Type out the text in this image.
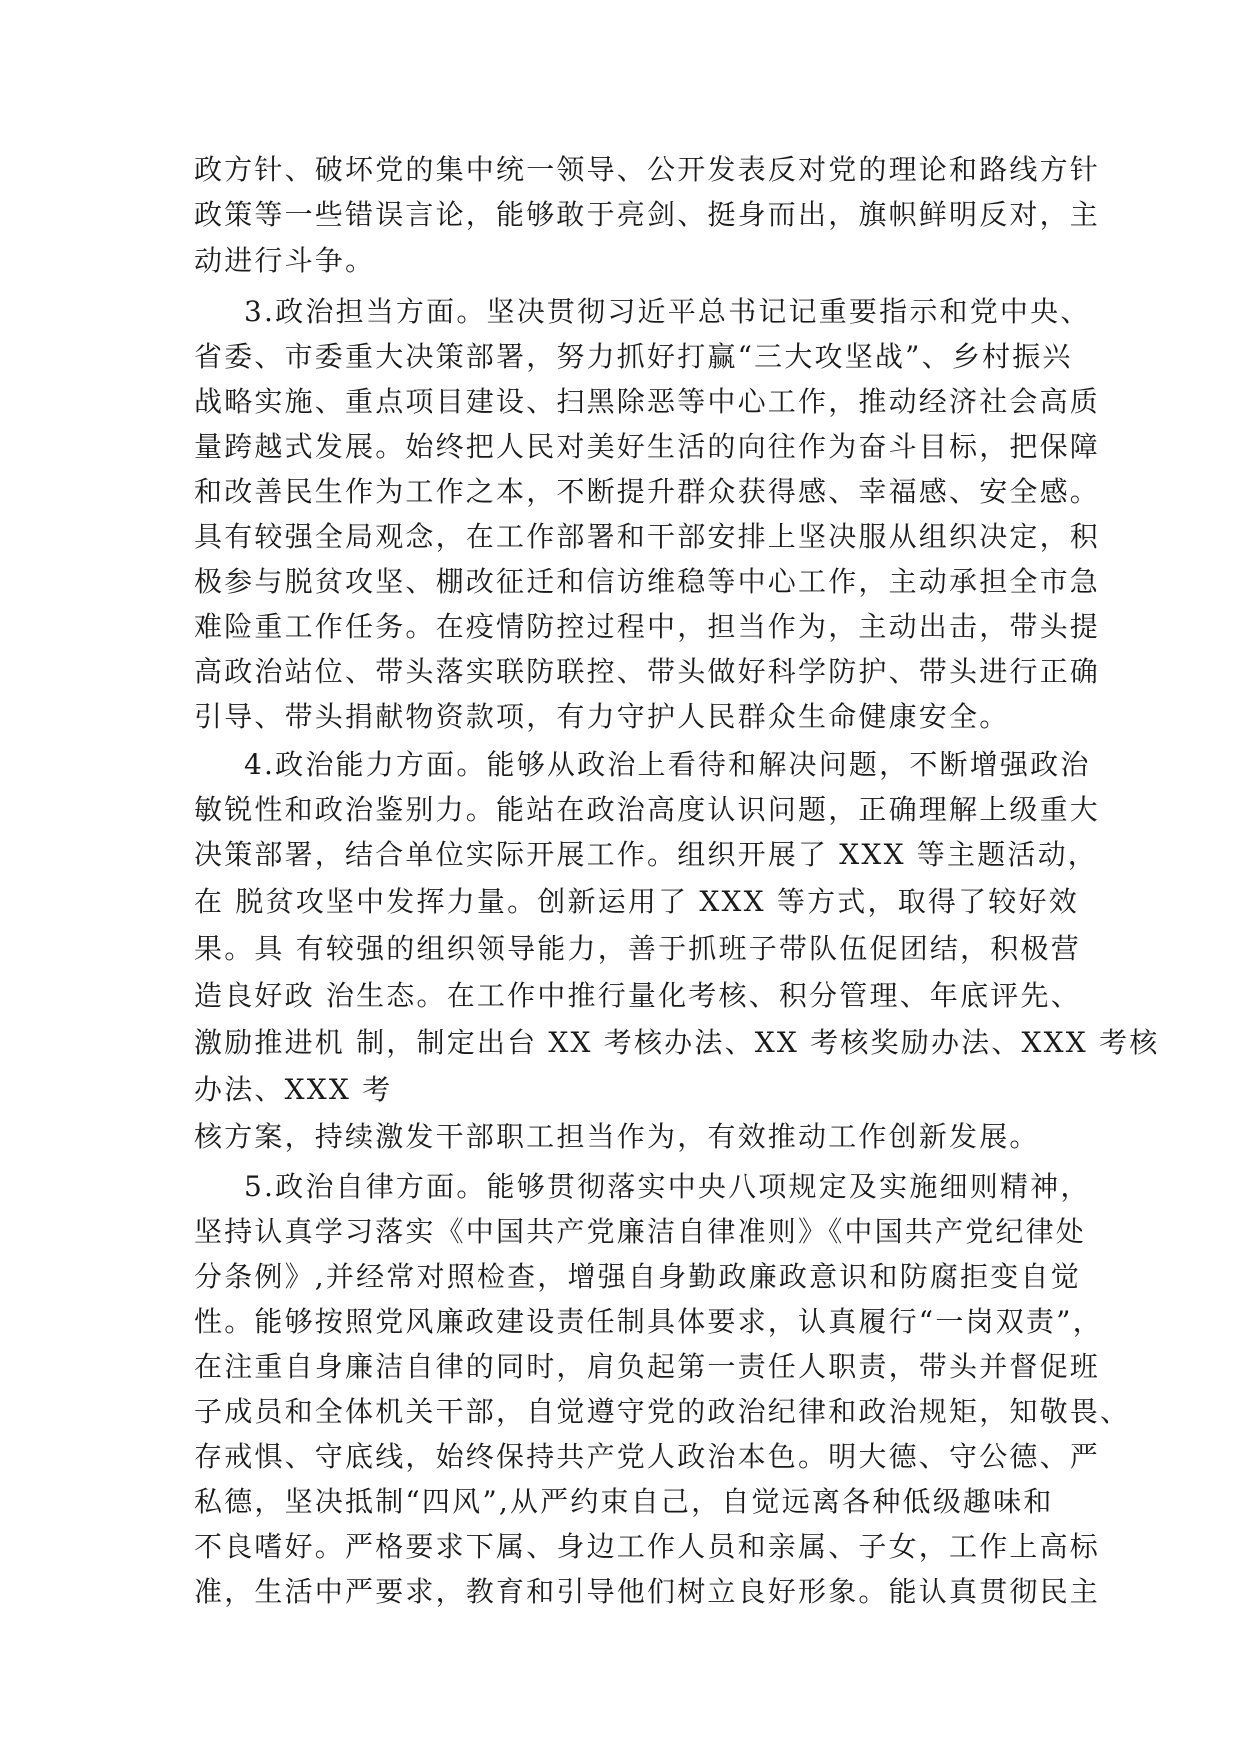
政方针、破坏党的集中统一领导、公开发表反对党的理论和路线方针
政策等一些错误言论，能够敢于亮剑、挺身而出，旗帜鲜明反对，主
动进行斗争。
3.政治担当方面。坚决贯彻习近平总书记记重要指示和党中央、
省委、市委重大决策部署，努力抓好打赢“三大攻坚战”、乡村振兴
战略实施、重点项目建设、扫黑除恶等中心工作，推动经济社会高质
量跨越式发展。始终把人民对美好生活的向往作为奋斗目标，把保障
和改善民生作为工作之本，不断提升群众获得感、幸福感、安全感。
具有较强全局观念，在工作部署和干部安排上坚决服从组织决定，积
极参与脱贫攻坚、棚改征迁和信访维稳等中心工作，主动承担全市急
难险重工作任务。在疫情防控过程中，担当作为，主动出击，带头提
高政治站位、带头落实联防联控、带头做好科学防护、带头进行正确
引导、带头捐献物资款项，有力守护人民群众生命健康安全。
4.政治能力方面。能够从政治上看待和解决问题，不断增强政治
敏锐性和政治鉴别力。能站在政治高度认识问题，正确理解上级重大
决策部署，结合单位实际开展工作。组织开展了 XXX 等主题活动，
在 脱贫攻坚中发挥力量。创新运用了 XXX 等方式，取得了较好效
果。具 有较强的组织领导能力，善于抓班子带队伍促团结，积极营
造良好政 治生态。在工作中推行量化考核、积分管理、年底评先、
激励推进机 制，制定出台 XX 考核办法、XX 考核奖励办法、XXX 考核
办法、XXX 考
核方案，持续激发干部职工担当作为，有效推动工作创新发展。
5.政治自律方面。能够贯彻落实中央八项规定及实施细则精神，
坚持认真学习落实《中国共产党廉洁自律准则》《中国共产党纪律处
分条例》,并经常对照检查，增强自身勤政廉政意识和防腐拒变自觉
性。能够按照党风廉政建设责任制具体要求，认真履行“一岗双责”，
在注重自身廉洁自律的同时，肩负起第一责任人职责，带头并督促班
子成员和全体机关干部，自觉遵守党的政治纪律和政治规矩，知敬畏、
存戒惧、守底线，始终保持共产党人政治本色。明大德、守公德、严
私德，坚决抵制“四风”,从严约束自己，自觉远离各种低级趣味和
不良嗜好。严格要求下属、身边工作人员和亲属、子女，工作上高标
准，生活中严要求，教育和引导他们树立良好形象。能认真贯彻民主
